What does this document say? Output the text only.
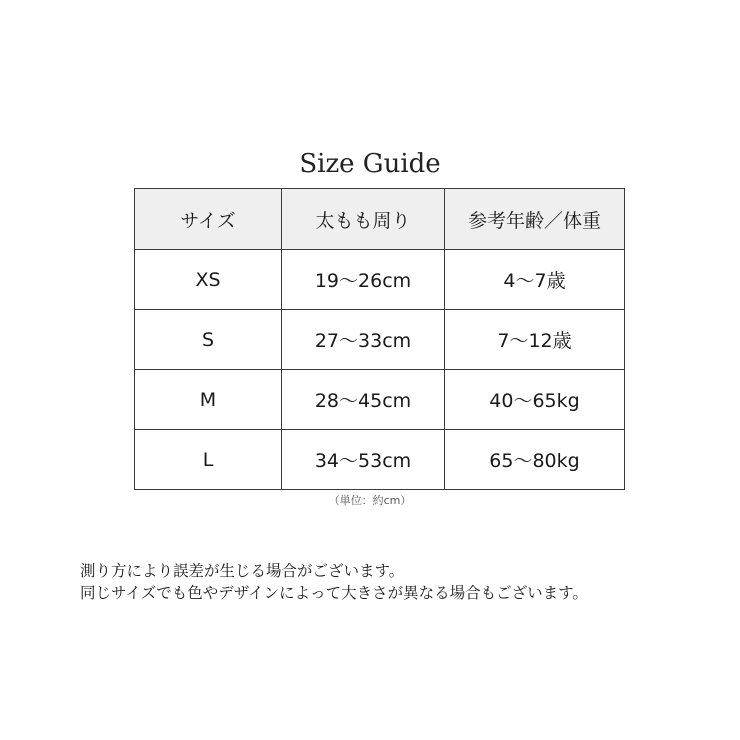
Size Guide
サイズ	太もも周り	参考年齢／体重
XS	19～26cm	4～7歳
S	27～33cm	7～12歳
M	28～45cm	40～65kg
L	34～53cm	65～80kg
（単位：約cm）

測り方により誤差が生じる場合がございます。

同じサイズでも色やデザインによって大きさが異なる場合もございます。
